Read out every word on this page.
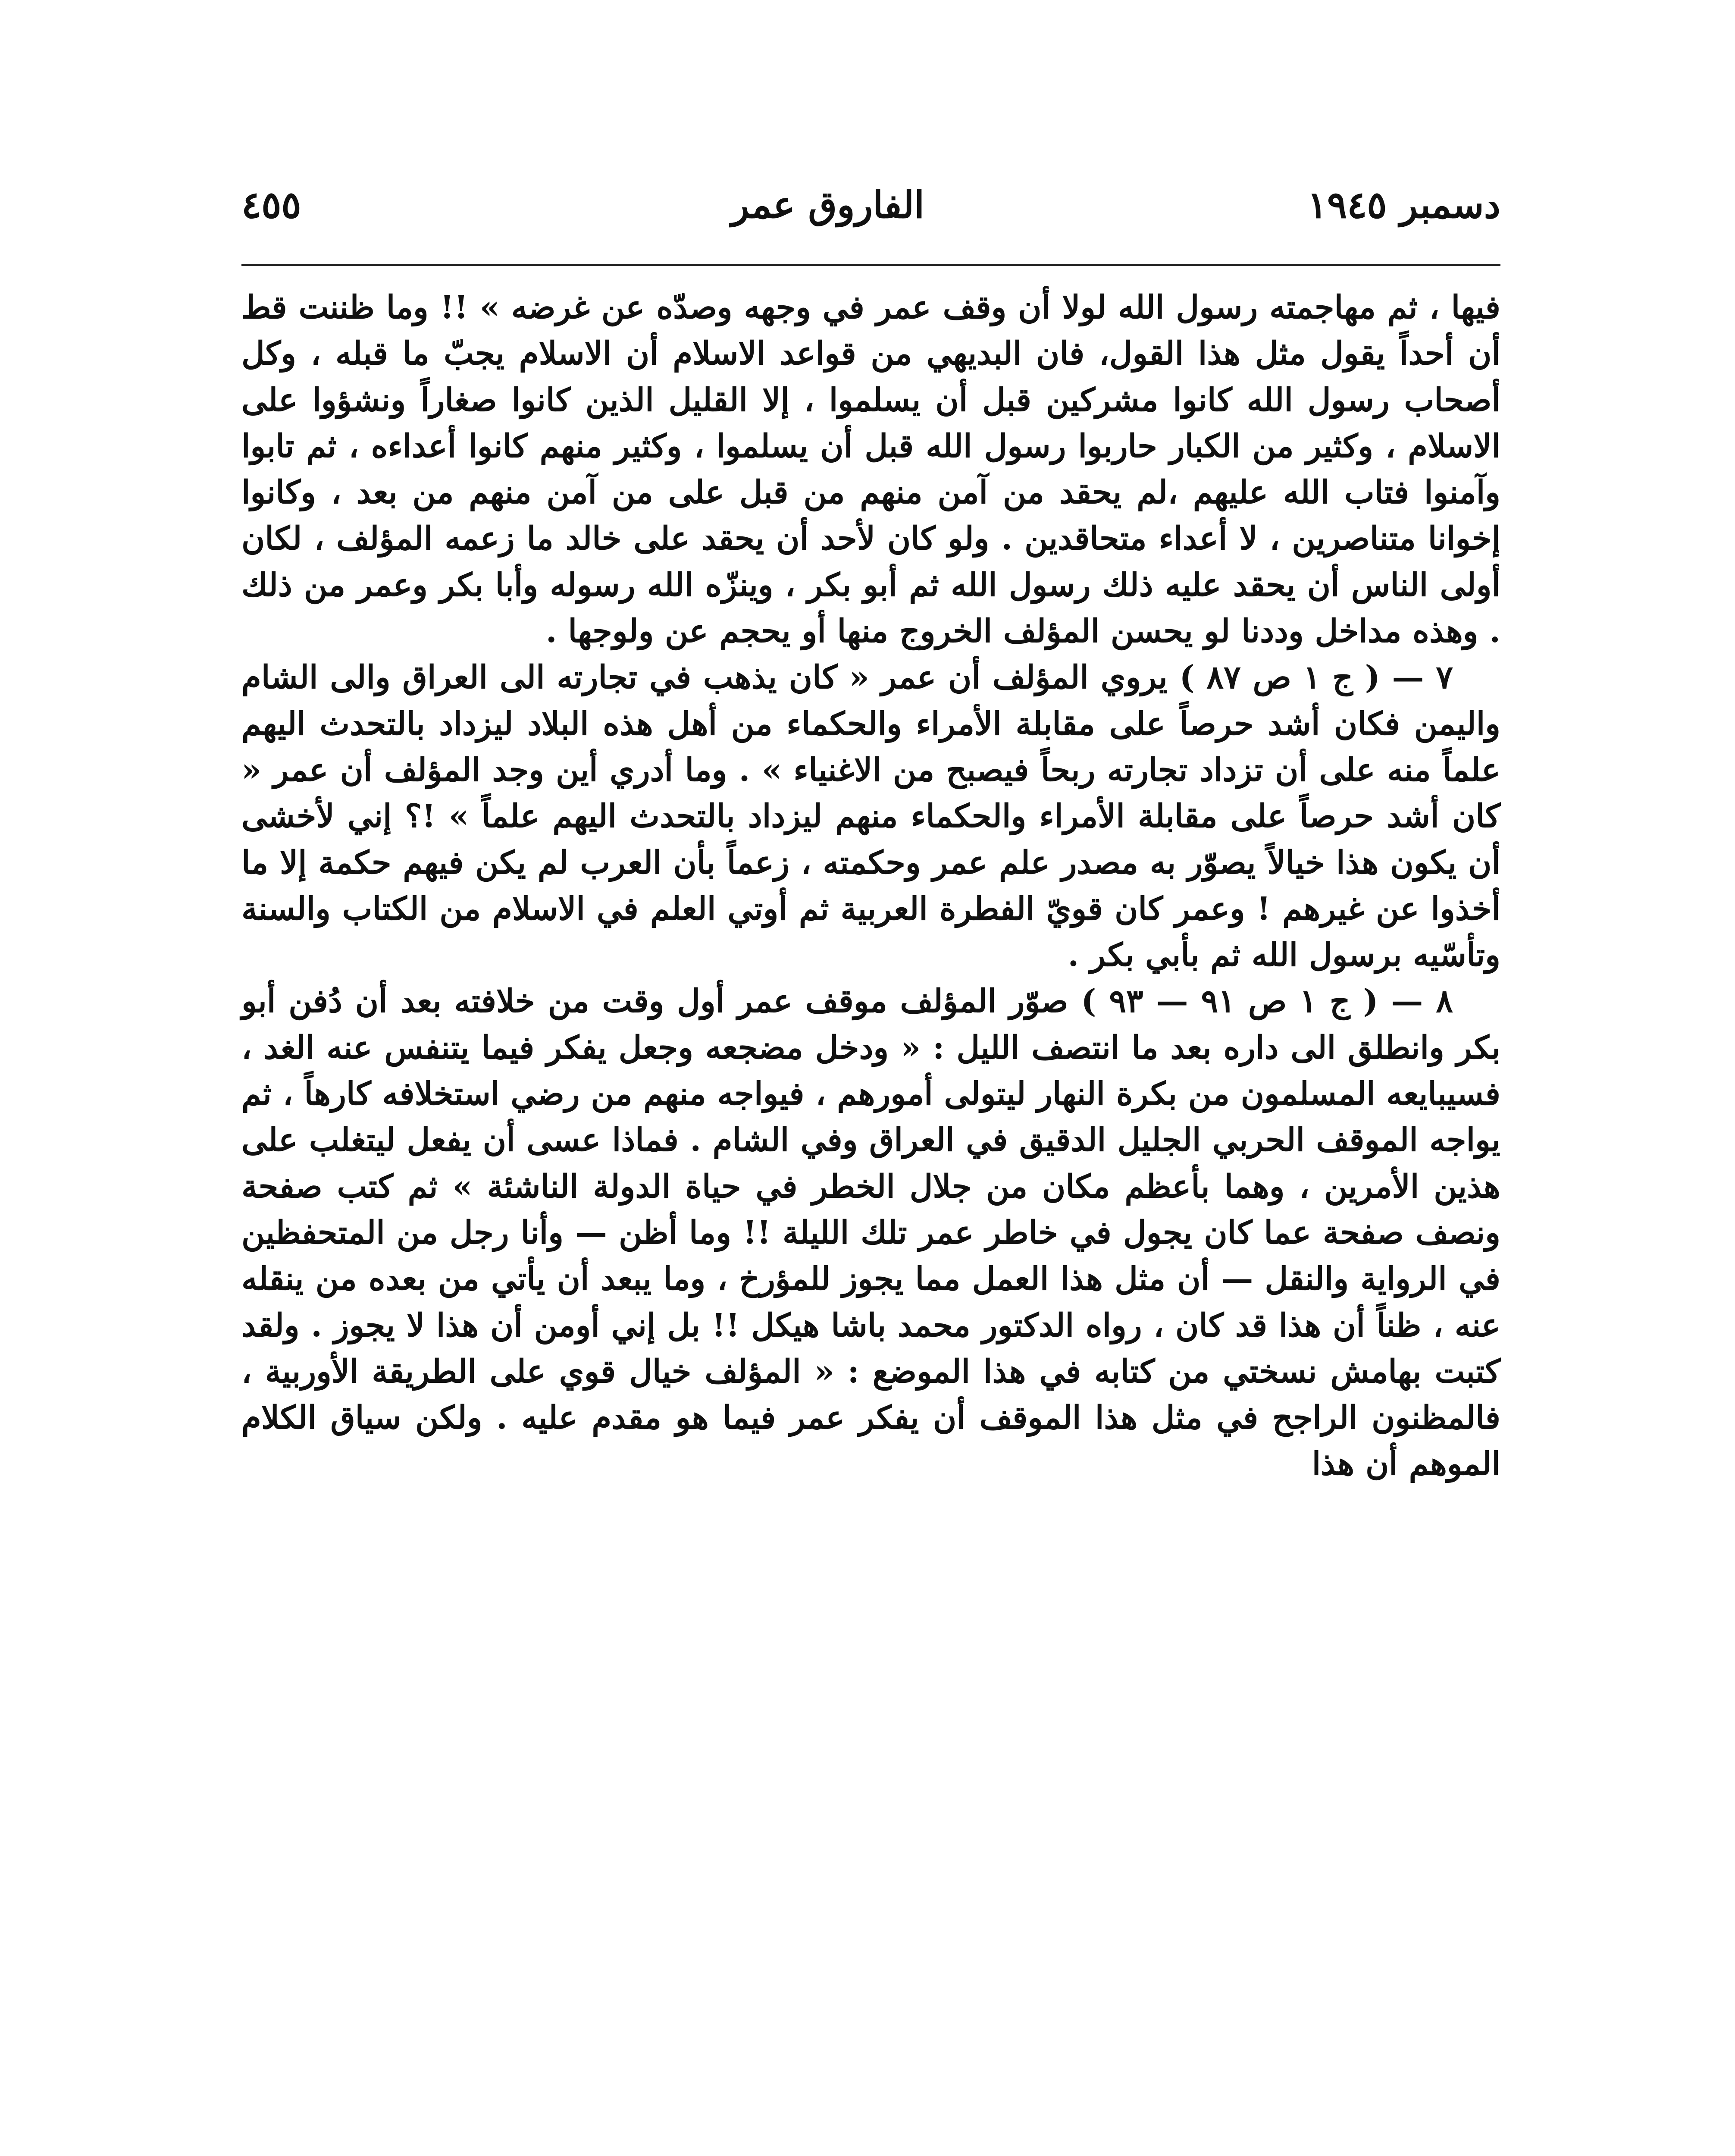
٤٥٥	الفاروق عمر	دسمبر ١٩٤٥

فيها ، ثم مهاجمته رسول الله لولا أن وقف عمر في وجهه وصدّه عن غرضه » !! وما ظننت قط أن أحداً يقول مثل هذا القول، فان البديهي من قواعد الاسلام أن الاسلام يجبّ ما قبله ، وكل أصحاب رسول الله كانوا مشركين قبل أن يسلموا ، إلا القليل الذين كانوا صغاراً ونشؤوا على الاسلام ، وكثير من الكبار حاربوا رسول الله قبل أن يسلموا ، وكثير منهم كانوا أعداءه ، ثم تابوا وآمنوا فتاب الله عليهم ،لم يحقد من آمن منهم من قبل على من آمن منهم من بعد ، وكانوا إخوانا متناصرين ، لا أعداء متحاقدين . ولو كان لأحد أن يحقد على خالد ما زعمه المؤلف ، لكان أولى الناس أن يحقد عليه ذلك رسول الله ثم أبو بكر ، وينزّه الله رسوله وأبا بكر وعمر من ذلك . وهذه مداخل وددنا لو يحسن المؤلف الخروج منها أو يحجم عن ولوجها .

٧ — ( ج ١ ص ٨٧ ) يروي المؤلف أن عمر « كان يذهب في تجارته الى العراق والى الشام واليمن فكان أشد حرصاً على مقابلة الأمراء والحكماء من أهل هذه البلاد ليزداد بالتحدث اليهم علماً منه على أن تزداد تجارته ربحاً فيصبح من الاغنياء » . وما أدري أين وجد المؤلف أن عمر « كان أشد حرصاً على مقابلة الأمراء والحكماء منهم ليزداد بالتحدث اليهم علماً » !؟ إني لأخشى أن يكون هذا خيالاً يصوّر به مصدر علم عمر وحكمته ، زعماً بأن العرب لم يكن فيهم حكمة إلا ما أخذوا عن غيرهم ! وعمر كان قويّ الفطرة العربية ثم أوتي العلم في الاسلام من الكتاب والسنة وتأسّيه برسول الله ثم بأبي بكر .

٨ — ( ج ١ ص ٩١ — ٩٣ ) صوّر المؤلف موقف عمر أول وقت من خلافته بعد أن دُفن أبو بكر وانطلق الى داره بعد ما انتصف الليل : « ودخل مضجعه وجعل يفكر فيما يتنفس عنه الغد ، فسيبايعه المسلمون من بكرة النهار ليتولى أمورهم ، فيواجه منهم من رضي استخلافه كارهاً ، ثم يواجه الموقف الحربي الجليل الدقيق في العراق وفي الشام . فماذا عسى أن يفعل ليتغلب على هذين الأمرين ، وهما بأعظم مكان من جلال الخطر في حياة الدولة الناشئة » ثم كتب صفحة ونصف صفحة عما كان يجول في خاطر عمر تلك الليلة !! وما أظن — وأنا رجل من المتحفظين في الرواية والنقل — أن مثل هذا العمل مما يجوز للمؤرخ ، وما يبعد أن يأتي من بعده من ينقله عنه ، ظناً أن هذا قد كان ، رواه الدكتور محمد باشا هيكل !! بل إني أومن أن هذا لا يجوز . ولقد كتبت بهامش نسختي من كتابه في هذا الموضع : « المؤلف خيال قوي على الطريقة الأوربية ، فالمظنون الراجح في مثل هذا الموقف أن يفكر عمر فيما هو مقدم عليه . ولكن سياق الكلام الموهم أن هذا
